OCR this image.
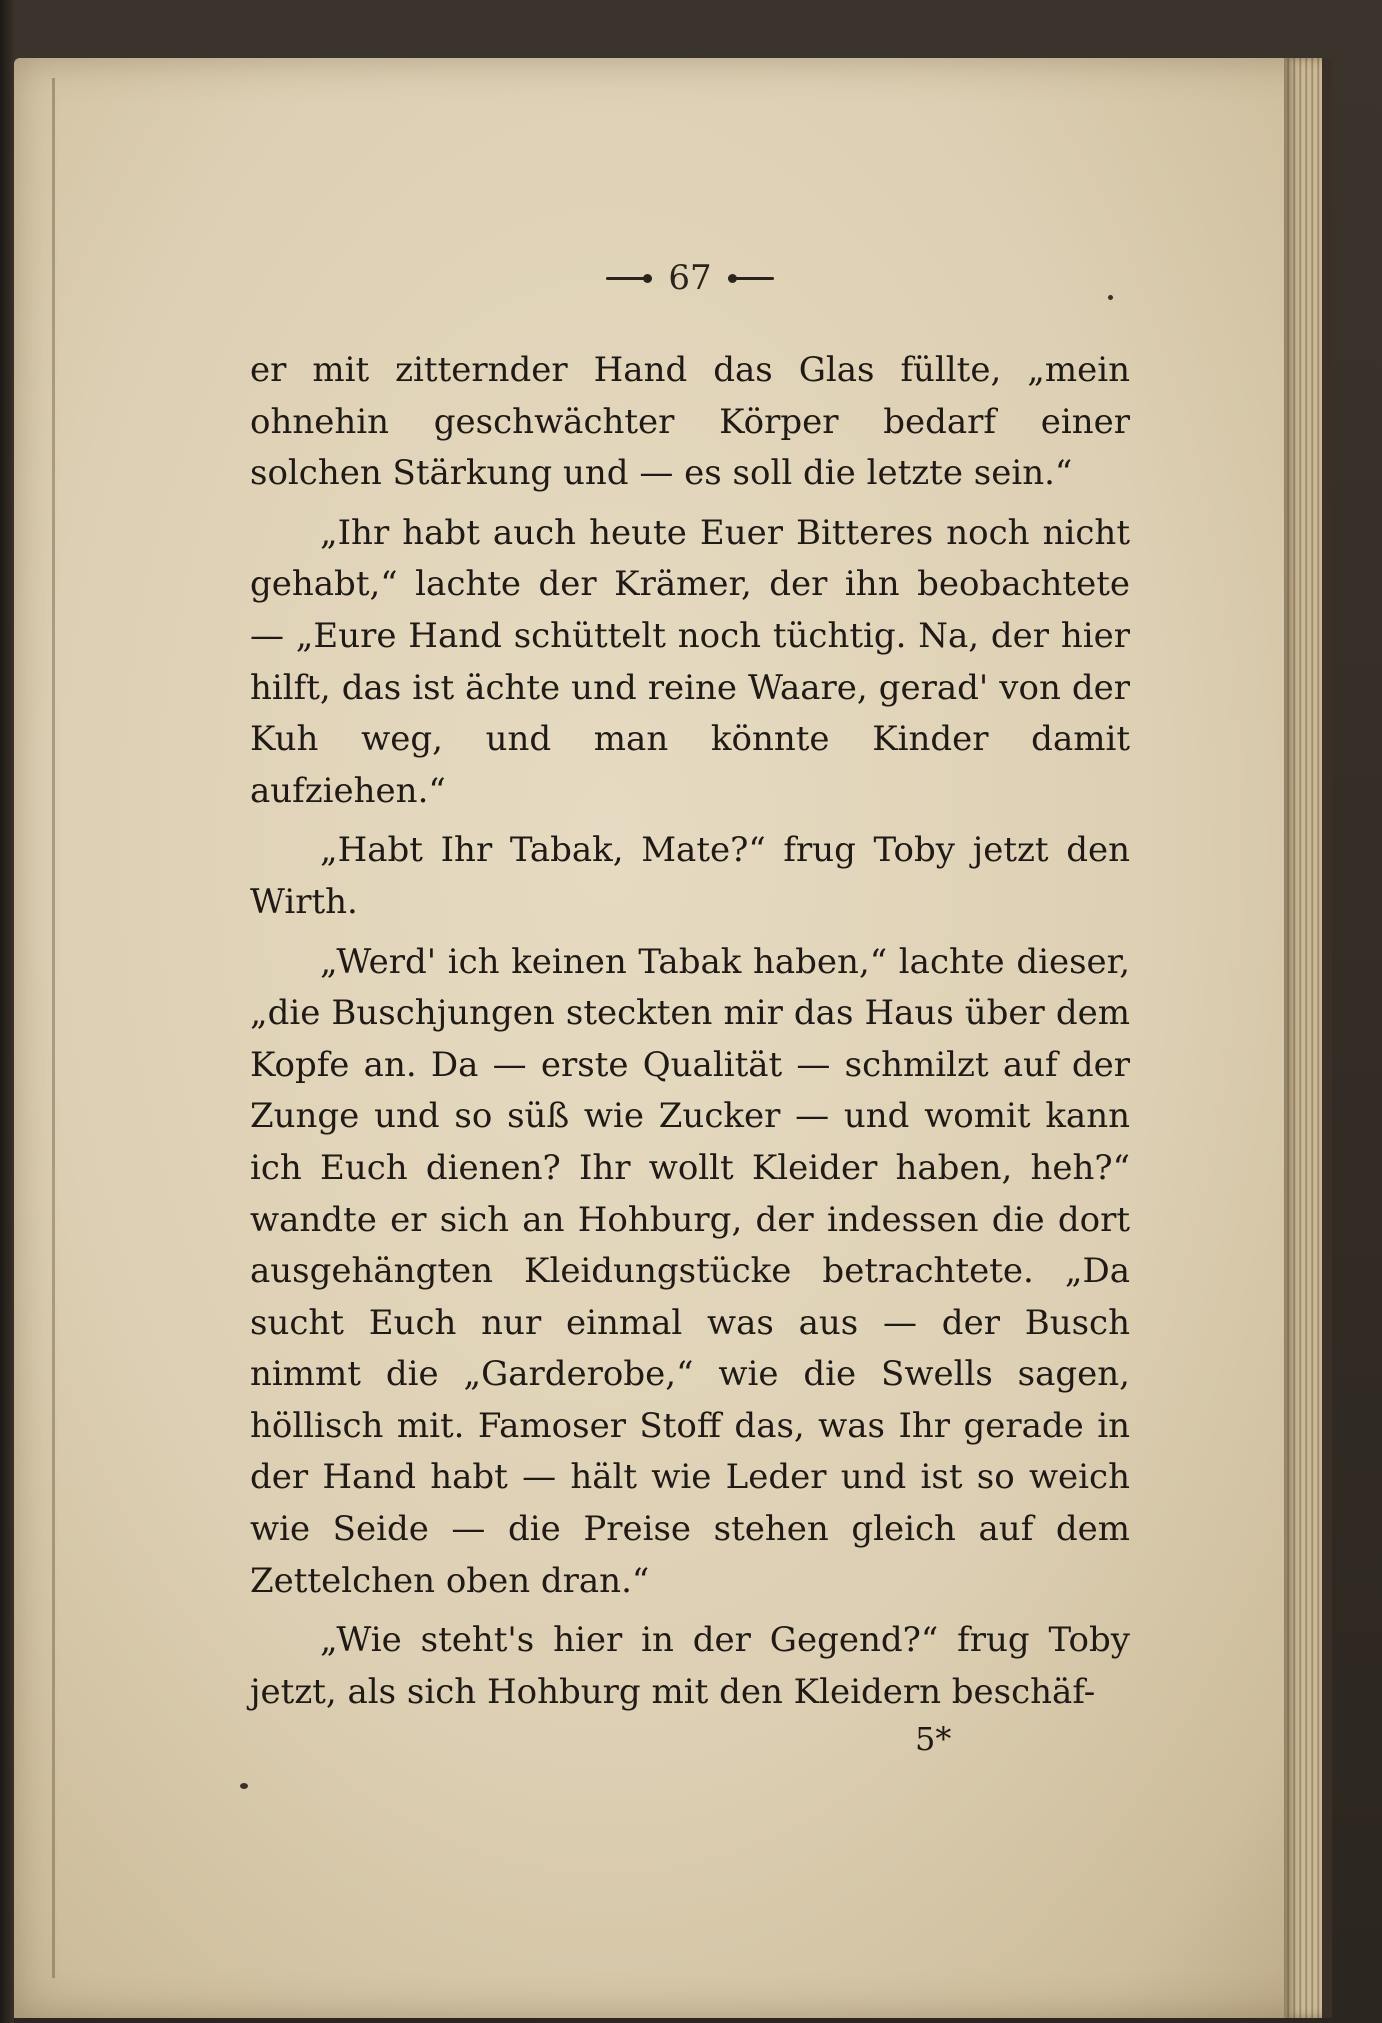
67

er mit zitternder Hand das Glas füllte, „mein ohnehin geschwächter Körper bedarf einer solchen Stärkung und — es soll die letzte sein.“

„Ihr habt auch heute Euer Bitteres noch nicht gehabt,“ lachte der Krämer, der ihn beobachtete — „Eure Hand schüttelt noch tüchtig. Na, der hier hilft, das ist ächte und reine Waare, gerad' von der Kuh weg, und man könnte Kinder damit aufziehen.“

„Habt Ihr Tabak, Mate?“ frug Toby jetzt den Wirth.

„Werd' ich keinen Tabak haben,“ lachte dieser, „die Buschjungen steckten mir das Haus über dem Kopfe an. Da — erste Qualität — schmilzt auf der Zunge und so süß wie Zucker — und womit kann ich Euch dienen? Ihr wollt Kleider haben, heh?“ wandte er sich an Hohburg, der indessen die dort ausgehängten Kleidungstücke betrachtete. „Da sucht Euch nur einmal was aus — der Busch nimmt die „Garderobe,“ wie die Swells sagen, höllisch mit. Famoser Stoff das, was Ihr gerade in der Hand habt — hält wie Leder und ist so weich wie Seide — die Preise stehen gleich auf dem Zettelchen oben dran.“

„Wie steht's hier in der Gegend?“ frug Toby jetzt, als sich Hohburg mit den Kleidern beschäf-

5*
